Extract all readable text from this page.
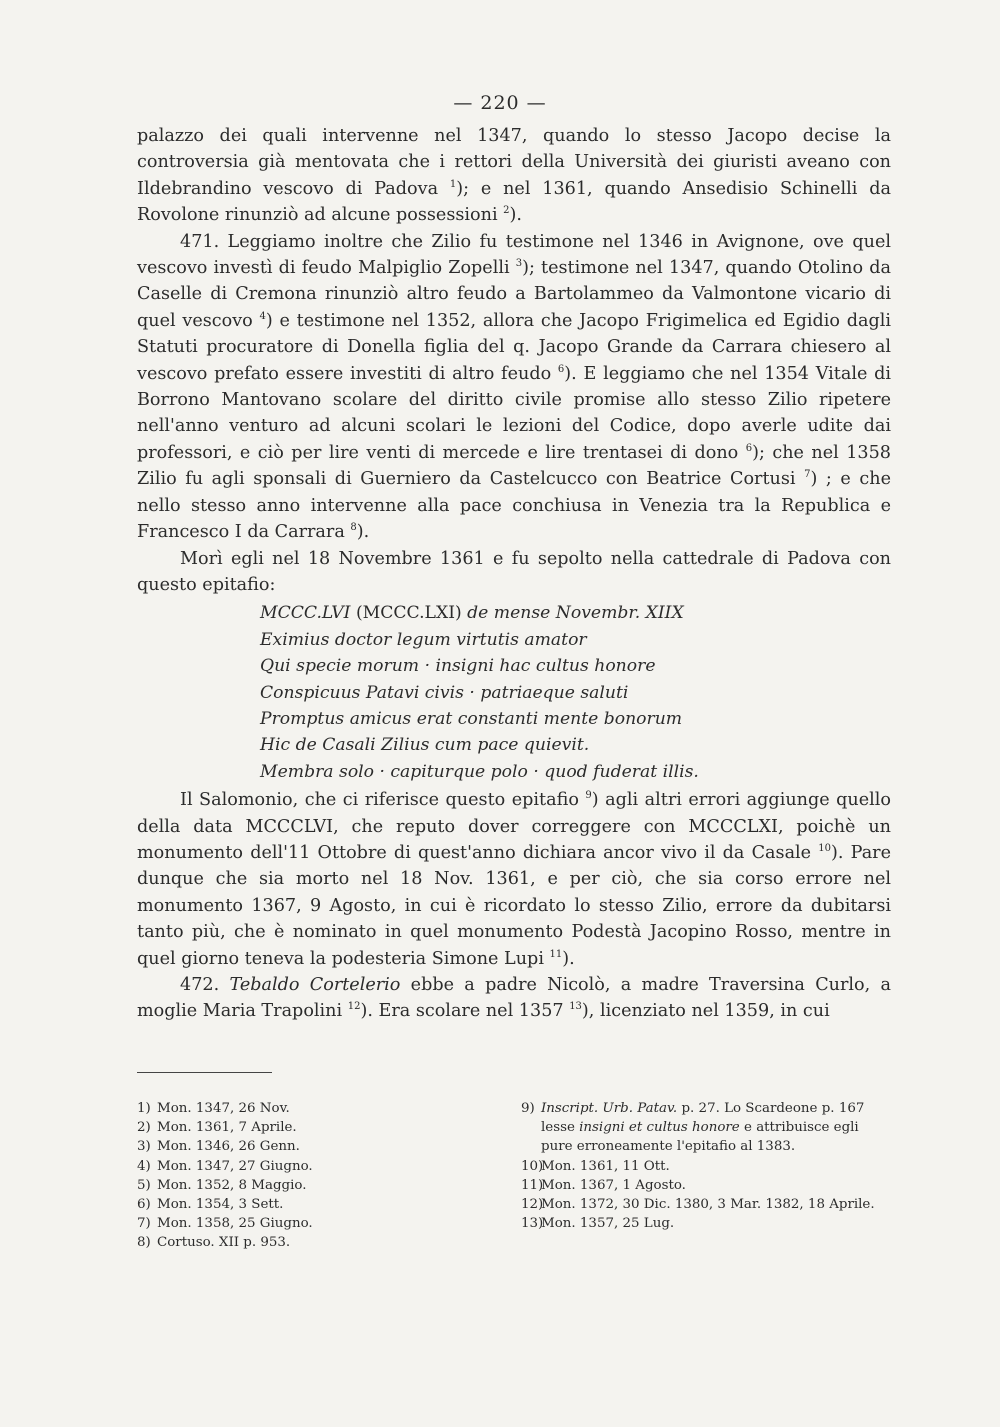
— 220 —

palazzo dei quali intervenne nel 1347, quando lo stesso Jacopo decise la controversia già mentovata che i rettori della Università dei giuristi aveano con Ildebrandino vescovo di Padova $^1$); e nel 1361, quando Ansedisio Schinelli da Rovolone rinunziò ad alcune possessioni $^2$).

471. Leggiamo inoltre che Zilio fu testimone nel 1346 in Avignone, ove quel vescovo investì di feudo Malpiglio Zopelli $^3$); testimone nel 1347, quando Otolino da Caselle di Cremona rinunziò altro feudo a Bartolammeo da Valmontone vicario di quel vescovo $^4$) e testimone nel 1352, allora che Jacopo Frigimelica ed Egidio dagli Statuti procuratore di Donella figlia del q. Jacopo Grande da Carrara chiesero al vescovo prefato essere investiti di altro feudo $^6$). E leggiamo che nel 1354 Vitale di Borrono Mantovano scolare del diritto civile promise allo stesso Zilio ripetere nell'anno venturo ad alcuni scolari le lezioni del Codice, dopo averle udite dai professori, e ciò per lire venti di mercede e lire trentasei di dono $^6$); che nel 1358 Zilio fu agli sponsali di Guerniero da Castelcucco con Beatrice Cortusi $^7$) ; e che nello stesso anno intervenne alla pace conchiusa in Venezia tra la Republica e Francesco I da Carrara $^8$).

Morì egli nel 18 Novembre 1361 e fu sepolto nella cattedrale di Padova con questo epitafio:

MCCC.LVI (MCCC.LXI) de mense Novembr. XIIX
Eximius doctor legum virtutis amator
Qui specie morum · insigni hac cultus honore
Conspicuus Patavi civis · patriaeque saluti
Promptus amicus erat constanti mente bonorum
Hic de Casali Zilius cum pace quievit.
Membra solo · capiturque polo · quod fuderat illis.

Il Salomonio, che ci riferisce questo epitafio $^9$) agli altri errori aggiunge quello della data MCCCLVI, che reputo dover correggere con MCCCLXI, poichè un monumento dell'11 Ottobre di quest'anno dichiara ancor vivo il da Casale $^{10}$). Pare dunque che sia morto nel 18 Nov. 1361, e per ciò, che sia corso errore nel monumento 1367, 9 Agosto, in cui è ricordato lo stesso Zilio, errore da dubitarsi tanto più, che è nominato in quel monumento Podestà Jacopino Rosso, mentre in quel giorno teneva la podesteria Simone Lupi $^{11}$).

472. Tebaldo Cortelerio ebbe a padre Nicolò, a madre Traversina Curlo, a moglie Maria Trapolini $^{12}$). Era scolare nel 1357 $^{13}$), licenziato nel 1359, in cui

1) Mon. 1347, 26 Nov.
2) Mon. 1361, 7 Aprile.
3) Mon. 1346, 26 Genn.
4) Mon. 1347, 27 Giugno.
5) Mon. 1352, 8 Maggio.
6) Mon. 1354, 3 Sett.
7) Mon. 1358, 25 Giugno.
8) Cortuso. XII p. 953.
9) Inscript. Urb. Patav. p. 27. Lo Scardeone p. 167 lesse insigni et cultus honore e attribuisce egli pure erroneamente l'epitafio al 1383.
10)Mon. 1361, 11 Ott.
11)Mon. 1367, 1 Agosto.
12)Mon. 1372, 30 Dic. 1380, 3 Mar. 1382, 18 Aprile.
13)Mon. 1357, 25 Lug.
